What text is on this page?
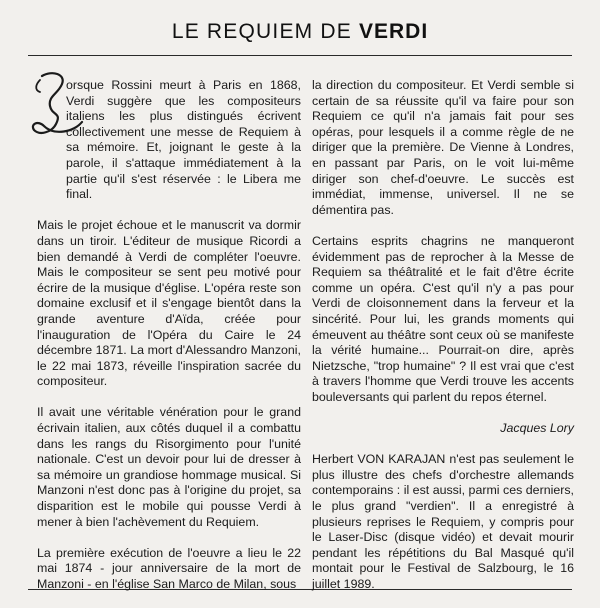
LE REQUIEM DE VERDI

orsque Rossini meurt à Paris en 1868, Verdi suggère que les compositeurs italiens les plus distingués écrivent collectivement une messe de Requiem à sa mémoire. Et, joignant le geste à la parole, il s'attaque immédiatement à la partie qu'il s'est réservée : le Libera me final.

Mais le projet échoue et le manuscrit va dormir dans un tiroir. L'éditeur de musique Ricordi a bien demandé à Verdi de compléter l'oeuvre. Mais le compositeur se sent peu motivé pour écrire de la musique d'église. L'opéra reste son domaine exclusif et il s'engage bientôt dans la grande aventure d'Aïda, créée pour l'inauguration de l'Opéra du Caire le 24 décembre 1871. La mort d'Alessandro Manzoni, le 22 mai 1873, réveille l'inspiration sacrée du compositeur.

Il avait une véritable vénération pour le grand écrivain italien, aux côtés duquel il a combattu dans les rangs du Risorgimento pour l'unité nationale. C'est un devoir pour lui de dresser à sa mémoire un grandiose hommage musical. Si Manzoni n'est donc pas à l'origine du projet, sa disparition est le mobile qui pousse Verdi à mener à bien l'achèvement du Requiem.

La première exécution de l'oeuvre a lieu le 22 mai 1874 - jour anniversaire de la mort de Manzoni - en l'église San Marco de Milan, sous

la direction du compositeur. Et Verdi semble si certain de sa réussite qu'il va faire pour son Requiem ce qu'il n'a jamais fait pour ses opéras, pour lesquels il a comme règle de ne diriger que la première. De Vienne à Londres, en passant par Paris, on le voit lui-même diriger son chef-d'oeuvre. Le succès est immédiat, immense, universel. Il ne se démentira pas.

Certains esprits chagrins ne manqueront évidemment pas de reprocher à la Messe de Requiem sa théâtralité et le fait d'être écrite comme un opéra. C'est qu'il n'y a pas pour Verdi de cloisonnement dans la ferveur et la sincérité. Pour lui, les grands moments qui émeuvent au théâtre sont ceux où se manifeste la vérité humaine... Pourrait-on dire, après Nietzsche, "trop humaine" ? Il est vrai que c'est à travers l'homme que Verdi trouve les accents bouleversants qui parlent du repos éternel.

Jacques Lory

Herbert VON KARAJAN n'est pas seulement le plus illustre des chefs d'orchestre allemands contemporains : il est aussi, parmi ces derniers, le plus grand "verdien". Il a enregistré à plusieurs reprises le Requiem, y compris pour le Laser-Disc (disque vidéo) et devait mourir pendant les répétitions du Bal Masqué qu'il montait pour le Festival de Salzbourg, le 16 juillet 1989.
